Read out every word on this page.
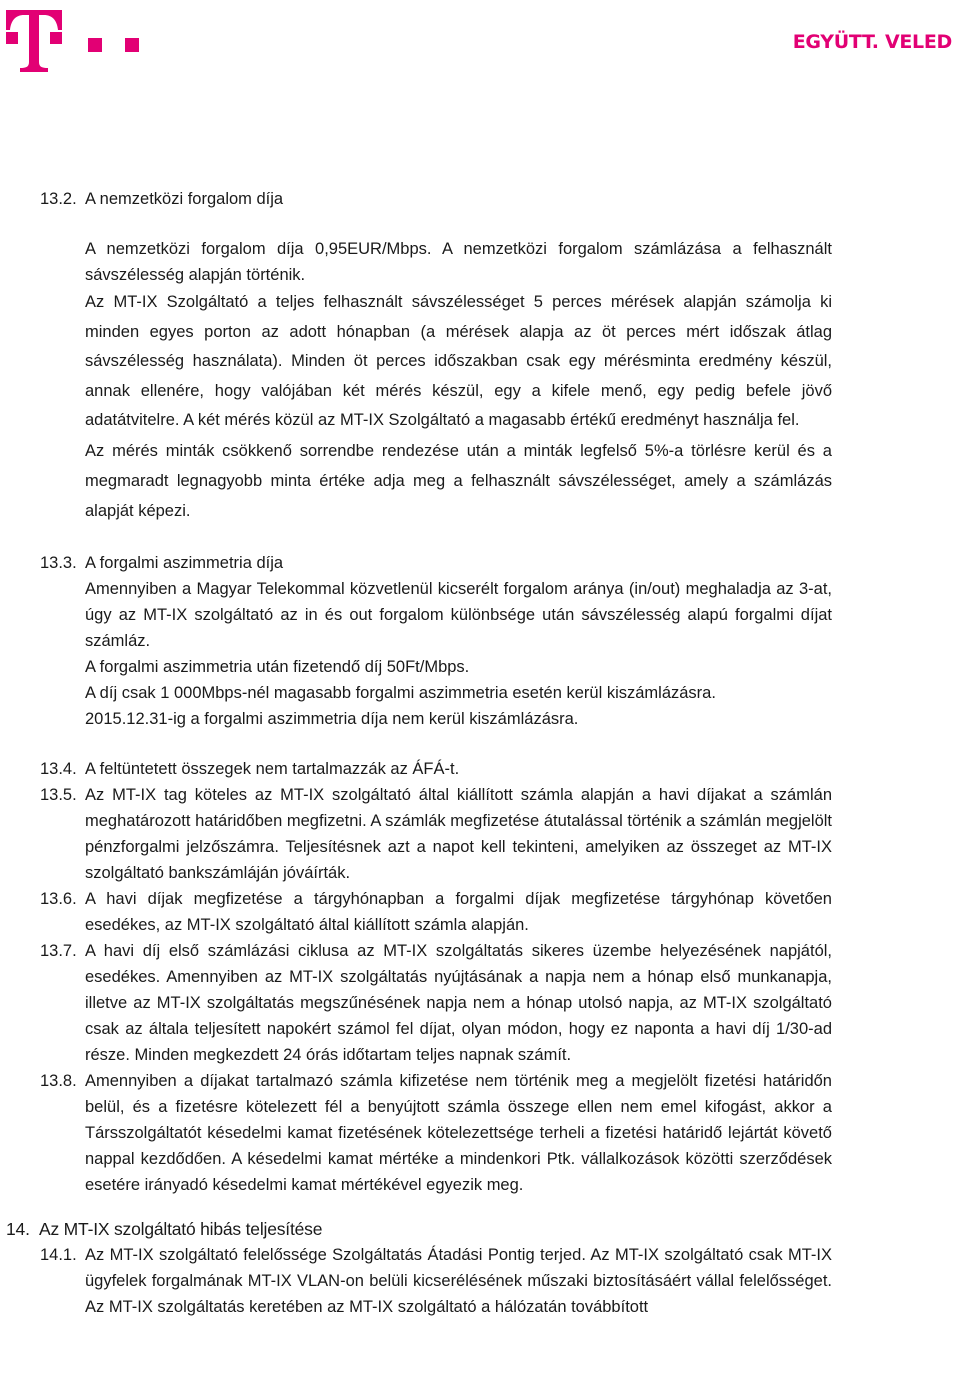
EGYÜTT. VELED
13.2. A nemzetközi forgalom díja

A nemzetközi forgalom díja 0,95EUR/Mbps. A nemzetközi forgalom számlázása a felhasznált sávszélesség alapján történik.

Az MT-IX Szolgáltató a teljes felhasznált sávszélességet 5 perces mérések alapján számolja ki minden egyes porton az adott hónapban (a mérések alapja az öt perces mért időszak átlag sávszélesség használata). Minden öt perces időszakban csak egy mérésminta eredmény készül, annak ellenére, hogy valójában két mérés készül, egy a kifele menő, egy pedig befele jövő adatátvitelre. A két mérés közül az MT-IX Szolgáltató a magasabb értékű eredményt használja fel.

Az mérés minták csökkenő sorrendbe rendezése után a minták legfelső 5%-a törlésre kerül és a megmaradt legnagyobb minta értéke adja meg a felhasznált sávszélességet, amely a számlázás alapját képezi.

13.3. A forgalmi aszimmetria díja

Amennyiben a Magyar Telekommal közvetlenül kicserélt forgalom aránya (in/out) meghaladja az 3-at, úgy az MT-IX szolgáltató az in és out forgalom különbsége után sávszélesség alapú forgalmi díjat számláz.

A forgalmi aszimmetria után fizetendő díj 50Ft/Mbps.

A díj csak 1 000Mbps-nél magasabb forgalmi aszimmetria esetén kerül kiszámlázásra.

2015.12.31-ig a forgalmi aszimmetria díja nem kerül kiszámlázásra.

13.4. A feltüntetett összegek nem tartalmazzák az ÁFÁ-t.

13.5. Az MT-IX tag köteles az MT-IX szolgáltató által kiállított számla alapján a havi díjakat a számlán meghatározott határidőben megfizetni. A számlák megfizetése átutalással történik a számlán megjelölt pénzforgalmi jelzőszámra. Teljesítésnek azt a napot kell tekinteni, amelyiken az összeget az MT-IX szolgáltató bankszámláján jóváírták.

13.6. A havi díjak megfizetése a tárgyhónapban a forgalmi díjak megfizetése tárgyhónap követően esedékes, az MT-IX szolgáltató által kiállított számla alapján.

13.7. A havi díj első számlázási ciklusa az MT-IX szolgáltatás sikeres üzembe helyezésének napjától, esedékes. Amennyiben az MT-IX szolgáltatás nyújtásának a napja nem a hónap első munkanapja, illetve az MT-IX szolgáltatás megszűnésének napja nem a hónap utolsó napja, az MT-IX szolgáltató csak az általa teljesített napokért számol fel díjat, olyan módon, hogy ez naponta a havi díj 1/30-ad része. Minden megkezdett 24 órás időtartam teljes napnak számít.

13.8. Amennyiben a díjakat tartalmazó számla kifizetése nem történik meg a megjelölt fizetési határidőn belül, és a fizetésre kötelezett fél a benyújtott számla összege ellen nem emel kifogást, akkor a Társszolgáltatót késedelmi kamat fizetésének kötelezettsége terheli a fizetési határidő lejártát követő nappal kezdődően. A késedelmi kamat mértéke a mindenkori Ptk. vállalkozások közötti szerződések esetére irányadó késedelmi kamat mértékével egyezik meg.

14. Az MT-IX szolgáltató hibás teljesítése
14.1. Az MT-IX szolgáltató felelőssége Szolgáltatás Átadási Pontig terjed. Az MT-IX szolgáltató csak MT-IX ügyfelek forgalmának MT-IX VLAN-on belüli kicserélésének műszaki biztosításáért vállal felelősséget. Az MT-IX szolgáltatás keretében az MT-IX szolgáltató a hálózatán továbbított
